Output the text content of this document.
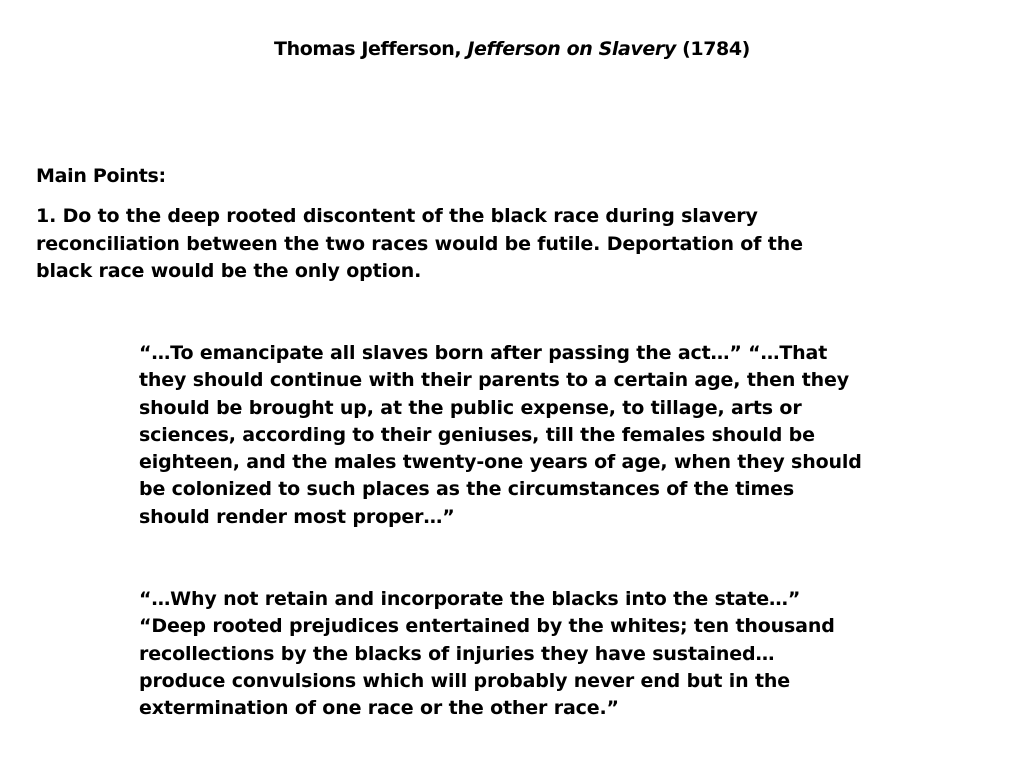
Thomas Jefferson, Jefferson on Slavery (1784)
Main Points:

1. Do to the deep rooted discontent of the black race during slavery
reconciliation between the two races would be futile. Deportation of the
black race would be the only option.

“…To emancipate all slaves born after passing the act…” “…That
they should continue with their parents to a certain age, then they
should be brought up, at the public expense, to tillage, arts or
sciences, according to their geniuses, till the females should be
eighteen, and the males twenty-one years of age, when they should
be colonized to such places as the circumstances of the times
should render most proper…”

“…Why not retain and incorporate the blacks into the state…”
“Deep rooted prejudices entertained by the whites; ten thousand
recollections by the blacks of injuries they have sustained…
produce convulsions which will probably never end but in the
extermination of one race or the other race.”
